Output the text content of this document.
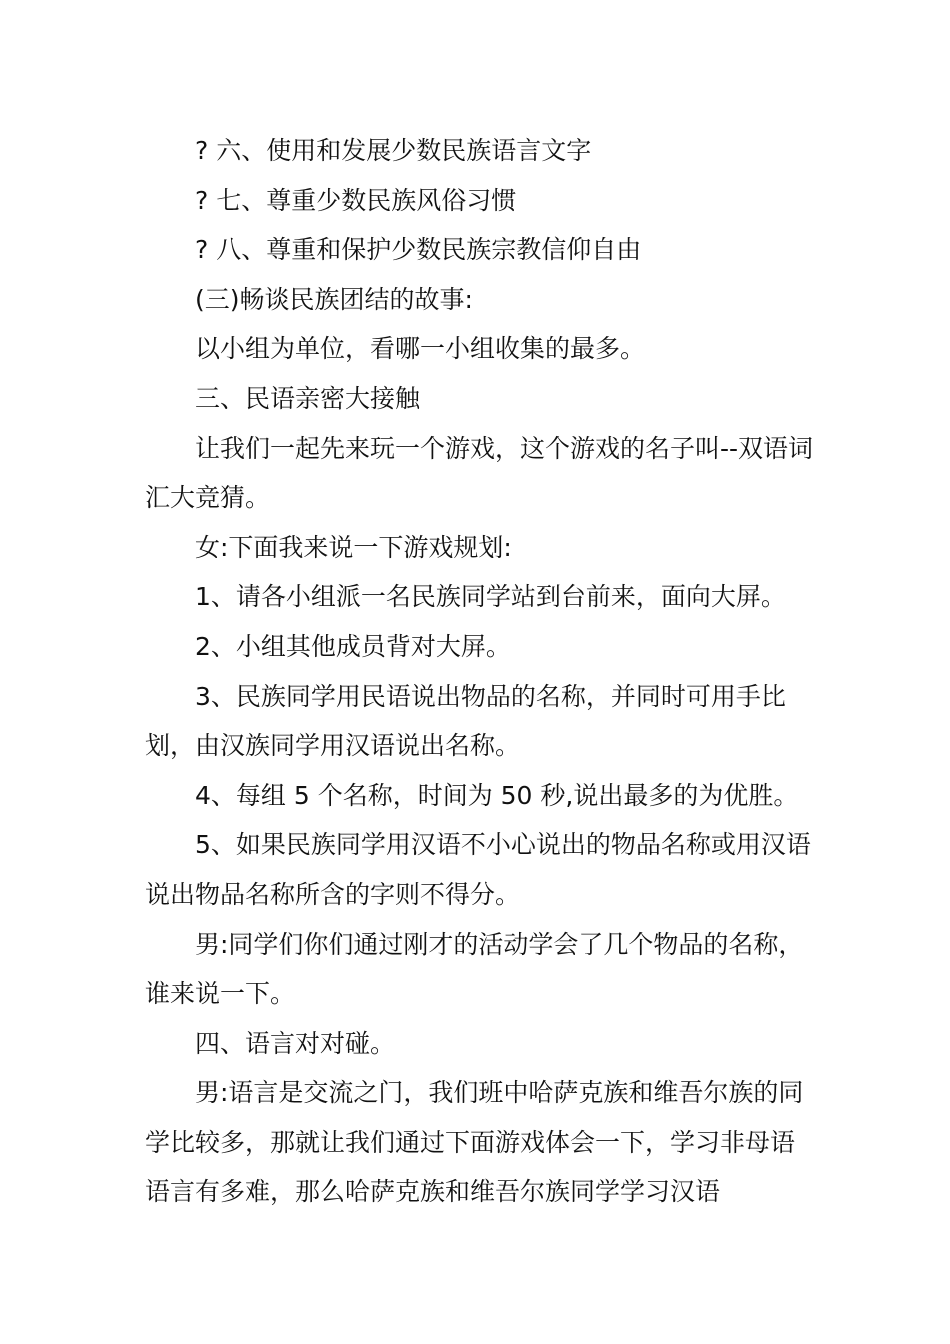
? 六、使用和发展少数民族语言文字

? 七、尊重少数民族风俗习惯

? 八、尊重和保护少数民族宗教信仰自由

(三)畅谈民族团结的故事:

以小组为单位，看哪一小组收集的最多。

三、民语亲密大接触

让我们一起先来玩一个游戏，这个游戏的名子叫--双语词汇大竞猜。

女:下面我来说一下游戏规划:

1、请各小组派一名民族同学站到台前来，面向大屏。

2、小组其他成员背对大屏。

3、民族同学用民语说出物品的名称，并同时可用手比划，由汉族同学用汉语说出名称。

4、每组 5 个名称，时间为 50 秒,说出最多的为优胜。

5、如果民族同学用汉语不小心说出的物品名称或用汉语说出物品名称所含的字则不得分。

男:同学们你们通过刚才的活动学会了几个物品的名称，谁来说一下。

四、语言对对碰。

男:语言是交流之门，我们班中哈萨克族和维吾尔族的同学比较多，那就让我们通过下面游戏体会一下，学习非母语语言有多难，那么哈萨克族和维吾尔族同学学习汉语
